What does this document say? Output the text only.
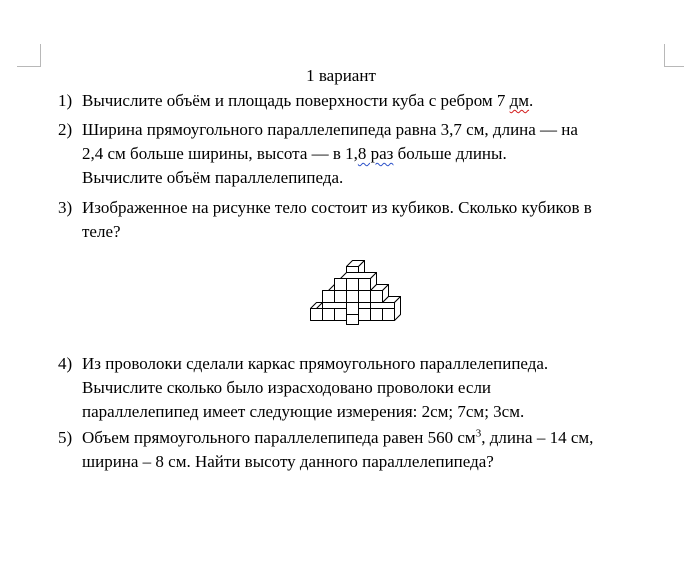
1 вариант
1) Вычислите объём и площадь поверхности куба с ребром 7 дм.
2) Ширина прямоугольного параллелепипеда равна 3,7 см, длина — на
2,4 см больше ширины, высота — в 1,8 раз больше длины.
Вычислите объём параллелепипеда.
3) Изображенное на рисунке тело состоит из кубиков. Сколько кубиков в
теле?
4) Из проволоки сделали каркас прямоугольного параллелепипеда.
Вычислите сколько было израсходовано проволоки если
параллелепипед имеет следующие измерения: 2см; 7см; 3см.
5) Объем прямоугольного параллелепипеда равен 560 $см^3$, длина – 14 см,
ширина – 8 см. Найти высоту данного параллелепипеда?
